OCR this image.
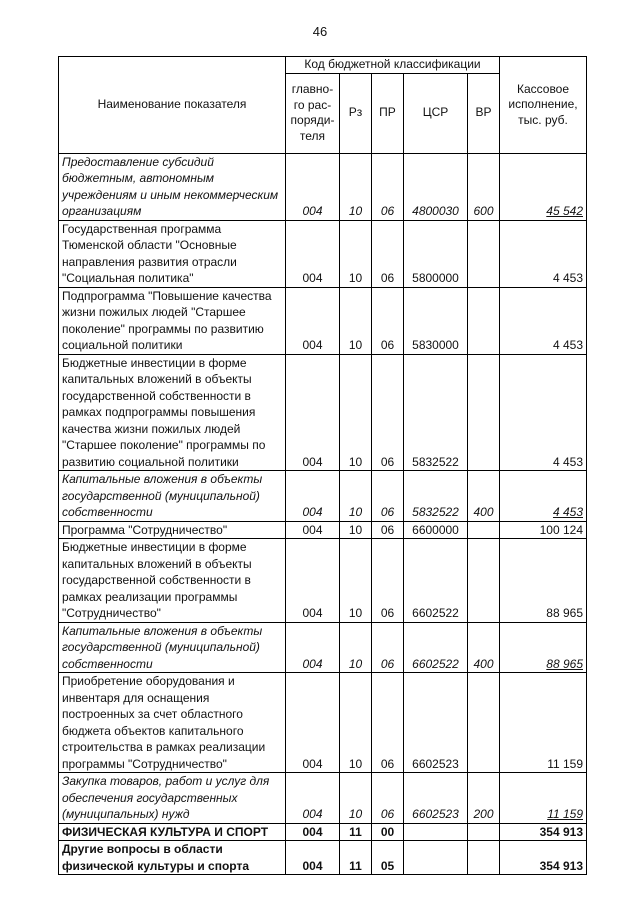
46
Наименование показателя	Код бюджетной классификации					Кассовое исполнение, тыс. руб.
	главно-го рас-поряди-теля	Рз	ПР	ЦСР	ВР	
Предоставление субсидий бюджетным, автономным учреждениям и иным некоммерческим организациям	004	10	06	4800030	600	45 542
Государственная программа Тюменской области "Основные направления развития отрасли "Социальная политика"	004	10	06	5800000		4 453
Подпрограмма "Повышение качества жизни пожилых людей "Старшее поколение" программы по развитию социальной политики	004	10	06	5830000		4 453
Бюджетные инвестиции в форме капитальных вложений в объекты государственной собственности в рамках подпрограммы повышения качества жизни пожилых людей "Старшее поколение" программы по развитию социальной политики	004	10	06	5832522		4 453
Капитальные вложения в объекты государственной (муниципальной) собственности	004	10	06	5832522	400	4 453
Программа "Сотрудничество"	004	10	06	6600000		100 124
Бюджетные инвестиции в форме капитальных вложений в объекты государственной собственности в рамках реализации программы "Сотрудничество"	004	10	06	6602522		88 965
Капитальные вложения в объекты государственной (муниципальной) собственности	004	10	06	6602522	400	88 965
Приобретение оборудования и инвентаря для оснащения построенных за счет областного бюджета объектов капитального строительства в рамках реализации программы "Сотрудничество"	004	10	06	6602523		11 159
Закупка товаров, работ и услуг для обеспечения государственных (муниципальных) нужд	004	10	06	6602523	200	11 159
ФИЗИЧЕСКАЯ КУЛЬТУРА И СПОРТ	004	11	00			354 913
Другие вопросы в области физической культуры и спорта	004	11	05			354 913
